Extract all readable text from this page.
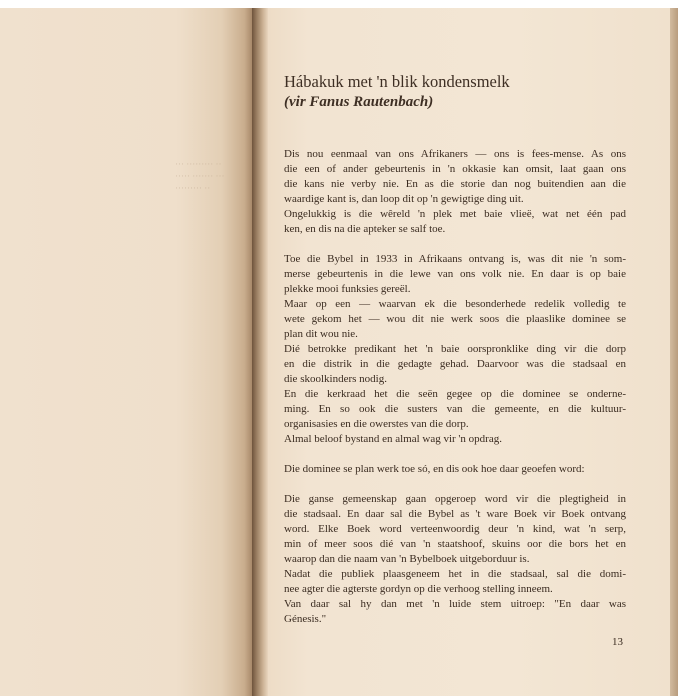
·· ········· ···
··· ······· ·····
·· ·········
Hábakuk met 'n blik kondensmelk
(vir Fanus Rautenbach)

Dis nou eenmaal van ons Afrikaners — ons is fees-mense. As ons
die een of ander gebeurtenis in 'n okkasie kan omsit, laat gaan ons
die kans nie verby nie. En as die storie dan nog buitendien aan die
waardige kant is, dan loop dit op 'n gewigtige ding uit.
Ongelukkig is die wêreld 'n plek met baie vlieë, wat net één pad
ken, en dis na die apteker se salf toe.

Toe die Bybel in 1933 in Afrikaans ontvang is, was dit nie 'n som-
merse gebeurtenis in die lewe van ons volk nie. En daar is op baie
plekke mooi funksies gereël.
Maar op een — waarvan ek die besonderhede redelik volledig te
wete gekom het — wou dit nie werk soos die plaaslike dominee se
plan dit wou nie.
Dié betrokke predikant het 'n baie oorspronklike ding vir die dorp
en die distrik in die gedagte gehad. Daarvoor was die stadsaal en
die skoolkinders nodig.
En die kerkraad het die seën gegee op die dominee se onderne-
ming. En so ook die susters van die gemeente, en die kultuur-
organisasies en die owerstes van die dorp.
Almal beloof bystand en almal wag vir 'n opdrag.

Die dominee se plan werk toe só, en dis ook hoe daar geoefen word:

Die ganse gemeenskap gaan opgeroep word vir die plegtigheid in
die stadsaal. En daar sal die Bybel as 't ware Boek vir Boek ontvang
word. Elke Boek word verteenwoordig deur 'n kind, wat 'n serp,
min of meer soos dié van 'n staatshoof, skuins oor die bors het en
waarop dan die naam van 'n Bybelboek uitgeborduur is.
Nadat die publiek plaasgeneem het in die stadsaal, sal die domi-
nee agter die agterste gordyn op die verhoog stelling inneem.
Van daar sal hy dan met 'n luide stem uitroep: "En daar was
Génesis."

13
